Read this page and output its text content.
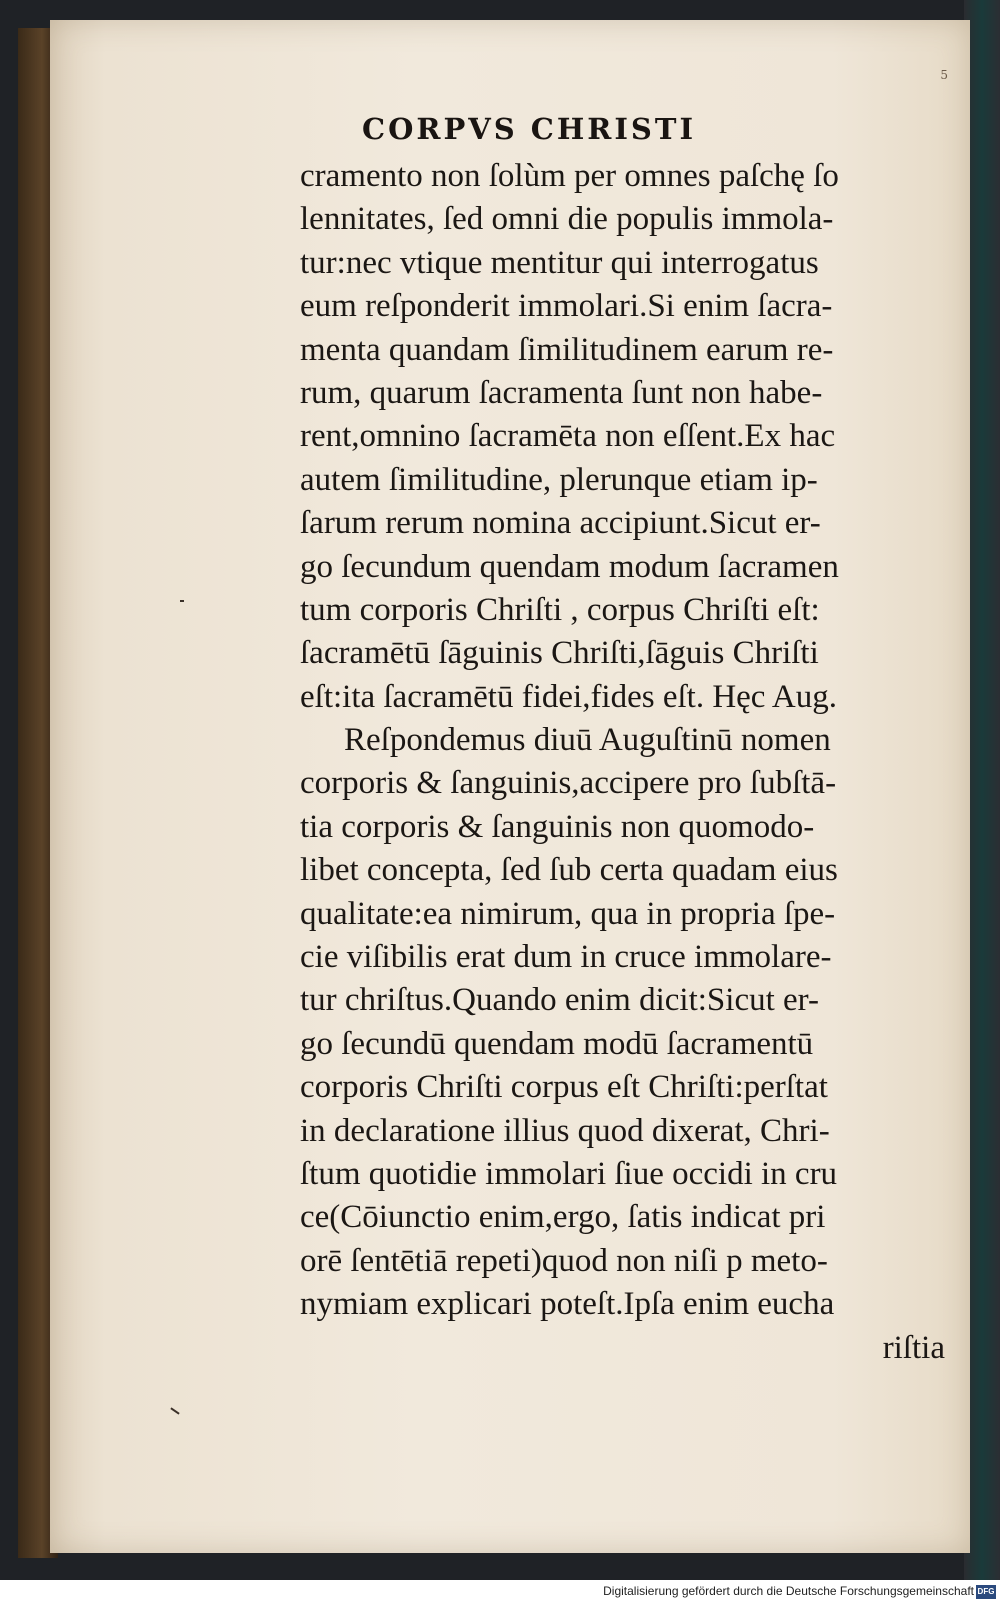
5
CORPVS CHRISTI
cramento non ſolùm per omnes paſchę ſo
lennitates, ſed omni die populis immola-
tur:nec vtique mentitur qui interrogatus
eum reſponderit immolari.Si enim ſacra-
menta quandam ſimilitudinem earum re-
rum, quarum ſacramenta ſunt non habe-
rent,omnino ſacramēta non eſſent.Ex hac
autem ſimilitudine, plerunque etiam ip-
ſarum rerum nomina accipiunt.Sicut er-
go ſecundum quendam modum ſacramen
tum corporis Chriſti , corpus Chriſti eſt:
ſacramētū ſāguinis Chriſti,ſāguis Chriſti
eſt:ita ſacramētū fidei,fides eſt. Hęc Aug.
Reſpondemus diuū Auguſtinū nomen
corporis & ſanguinis,accipere pro ſubſtā-
tia corporis & ſanguinis non quomodo-
libet concepta, ſed ſub certa quadam eius
qualitate:ea nimirum, qua in propria ſpe-
cie viſibilis erat dum in cruce immolare-
tur chriſtus.Quando enim dicit:Sicut er-
go ſecundū quendam modū ſacramentū
corporis Chriſti corpus eſt Chriſti:perſtat
in declaratione illius quod dixerat, Chri-
ſtum quotidie immolari ſiue occidi in cru
ce(Cōiunctio enim,ergo, ſatis indicat pri
orē ſentētiā repeti)quod non niſi p meto-
nymiam explicari poteſt.Ipſa enim eucha
riſtia
Digitalisierung gefördert durch die Deutsche Forschungsgemeinschaft DFG
